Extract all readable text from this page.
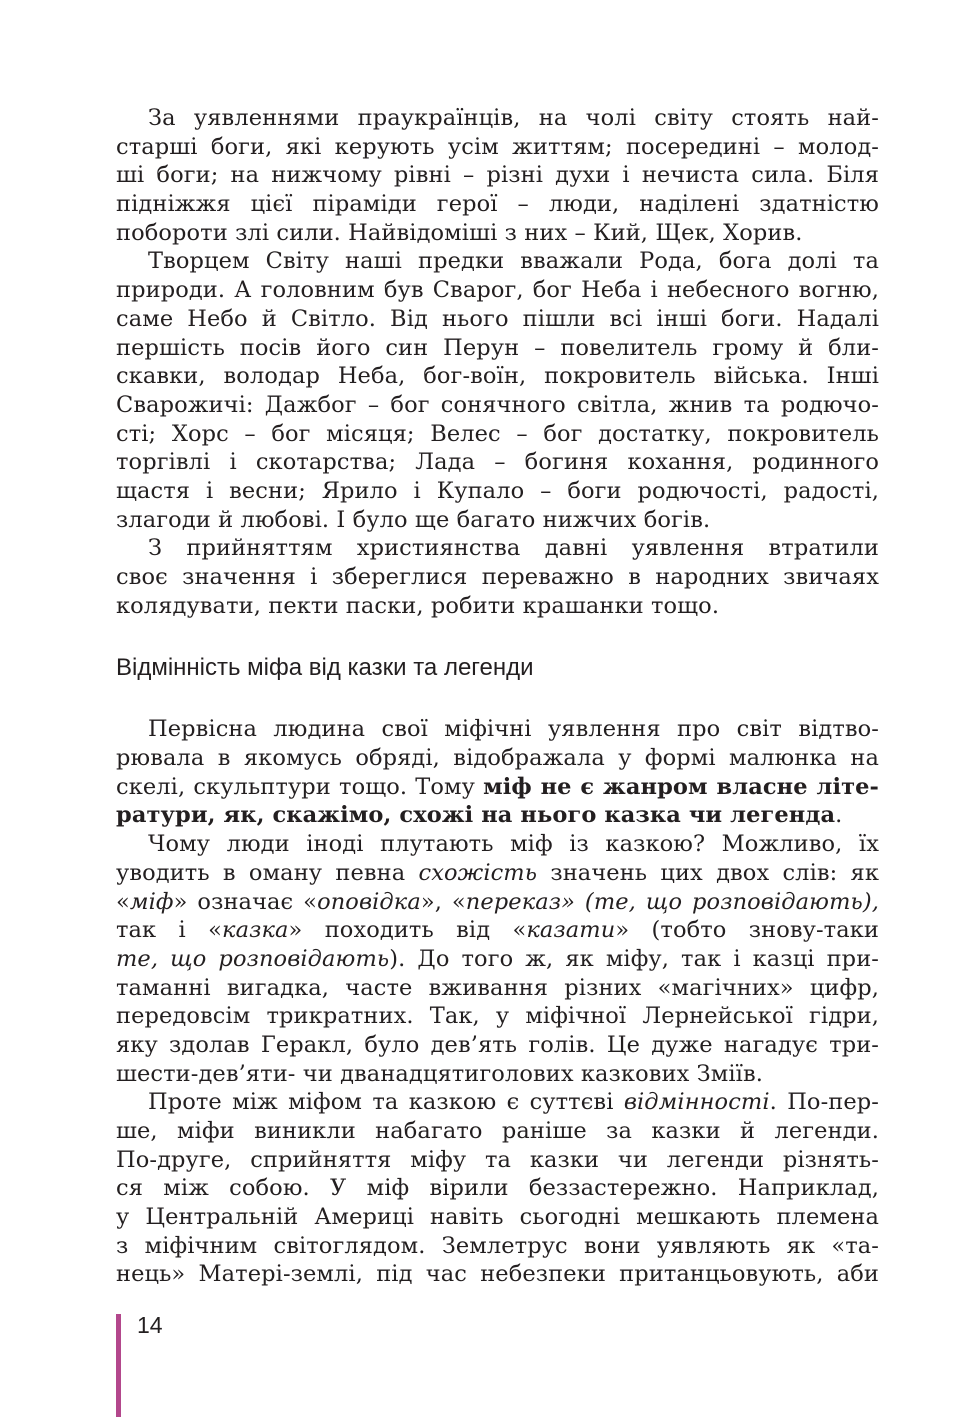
За уявленнями праукраїнців, на чолі світу стоять най-
старші боги, які керують усім життям; посередині – молод-
ші боги; на нижчому рівні – різні духи і нечиста сила. Біля
підніжжя цієї піраміди герої – люди, наділені здатністю
побороти злі сили. Найвідоміші з них – Кий, Щек, Хорив.
Творцем Світу наші предки вважали Рода, бога долі та
природи. А головним був Сварог, бог Неба і небесного вогню,
саме Небо й Світло. Від нього пішли всі інші боги. Надалі
першість посів його син Перун – повелитель грому й бли-
скавки, володар Неба, бог-воїн, покровитель війська. Інші
Сварожичі: Дажбог – бог сонячного світла, жнив та родючо-
сті; Хорс – бог місяця; Велес – бог достатку, покровитель
торгівлі і скотарства; Лада – богиня кохання, родинного
щастя і весни; Ярило і Купало – боги родючості, радості,
злагоди й любові. І було ще багато нижчих богів.
З прийняттям християнства давні уявлення втратили
своє значення і збереглися переважно в народних звичаях
колядувати, пекти паски, робити крашанки тощо.
Відмінність міфа від казки та легенди
Первісна людина свої міфічні уявлення про світ відтво-
рювала в якомусь обряді, відображала у формі малюнка на
скелі, скульптури тощо. Тому міф не є жанром власне літе-
ратури, як, скажімо, схожі на нього казка чи легенда.
Чому люди іноді плутають міф із казкою? Можливо, їх
уводить в оману певна схожість значень цих двох слів: як
«міф» означає «оповідка», «переказ» (те, що розповідають),
так і «казка» походить від «казати» (тобто знову-таки
те, що розповідають). До того ж, як міфу, так і казці при-
таманні вигадка, часте вживання різних «магічних» цифр,
передовсім трикратних. Так, у міфічної Лернейської гідри,
яку здолав Геракл, було дев’ять голів. Це дуже нагадує три-
шести-дев’яти- чи дванадцятиголових казкових Зміїв.
Проте між міфом та казкою є суттєві відмінності. По-пер-
ше, міфи виникли набагато раніше за казки й легенди.
По-друге, сприйняття міфу та казки чи легенди різнять-
ся між собою. У міф вірили беззастережно. Наприклад,
у Центральній Америці навіть сьогодні мешкають племена
з міфічним світоглядом. Землетрус вони уявляють як «та-
нець» Матері-землі, під час небезпеки пританцьовують, аби
14
